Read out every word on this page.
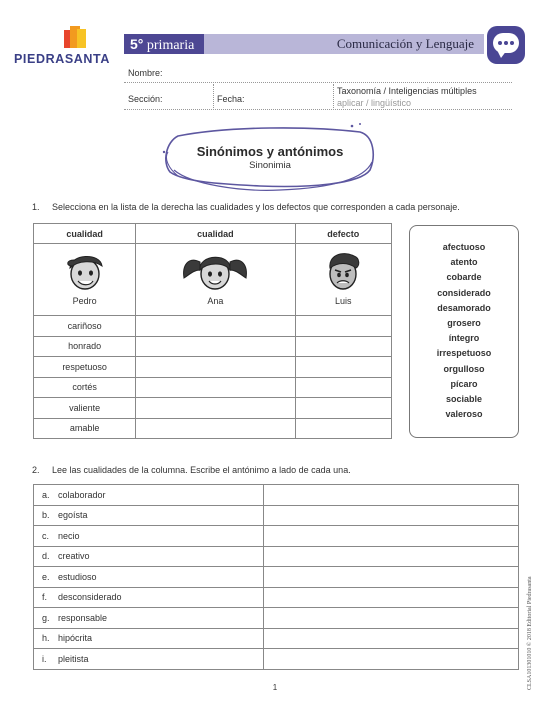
PIEDRASANTA
5° primaria	Comunicación y Lenguaje
Nombre:
Sección:	Fecha:
Taxonomía / Inteligencias múltiples
aplicar / lingüístico
Sinónimos y antónimos
Sinonimia
1. Selecciona en la lista de la derecha las cualidades y los defectos que corresponden a cada personaje.
cualidad	cualidad	defecto

Pedro	Ana	Luis

cariñoso		
honrado		
respetuoso		
cortés		
valiente		
amable		
afectuoso
atento
cobarde
considerado
desamorado
grosero
íntegro
irrespetuoso
orgulloso
pícaro
sociable
valeroso
2. Lee las cualidades de la columna. Escribe el antónimo a lado de cada una.
a. colaborador	
b. egoísta	
c. necio	
d. creativo	
e. estudioso	
f. desconsiderado	
g. responsable	
h. hipócrita	
i. pleitista		CLSA101301010 © 2018 Editorial Piedrasanta
1
